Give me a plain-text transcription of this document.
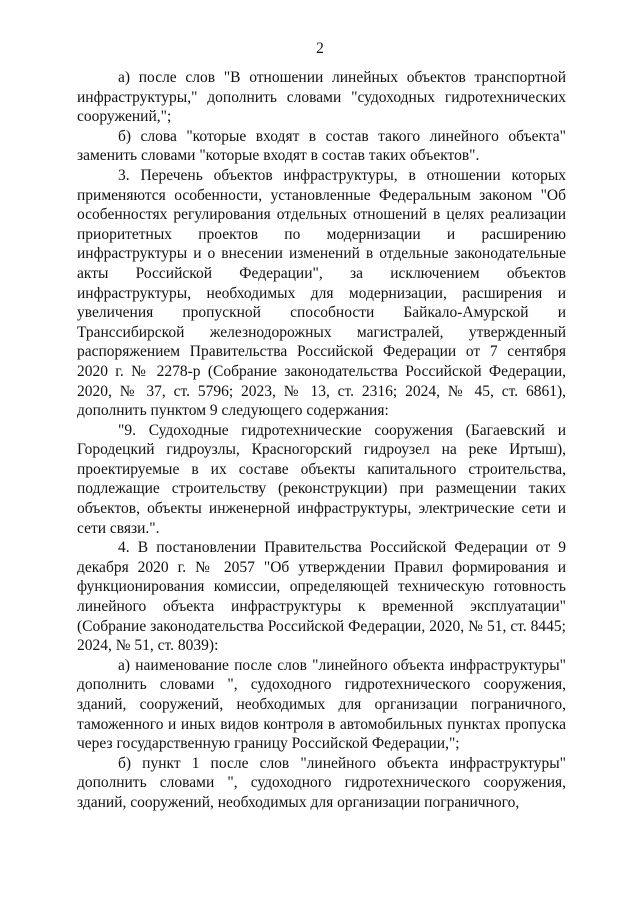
2

а) после слов "В отношении линейных объектов транспортной инфраструктуры," дополнить словами "судоходных гидротехнических сооружений,";

б) слова "которые входят в состав такого линейного объекта" заменить словами "которые входят в состав таких объектов".

3. Перечень объектов инфраструктуры, в отношении которых применяются особенности, установленные Федеральным законом "Об особенностях регулирования отдельных отношений в целях реализации приоритетных проектов по модернизации и расширению инфраструктуры и о внесении изменений в отдельные законодательные акты Российской Федерации", за исключением объектов инфраструктуры, необходимых для модернизации, расширения и увеличения пропускной способности Байкало-Амурской и Транссибирской железнодорожных магистралей, утвержденный распоряжением Правительства Российской Федерации от 7 сентября 2020 г. № 2278-р (Собрание законодательства Российской Федерации, 2020, № 37, ст. 5796; 2023, № 13, ст. 2316; 2024, № 45, ст. 6861), дополнить пунктом 9 следующего содержания:

"9. Судоходные гидротехнические сооружения (Багаевский и Городецкий гидроузлы, Красногорский гидроузел на реке Иртыш), проектируемые в их составе объекты капитального строительства, подлежащие строительству (реконструкции) при размещении таких объектов, объекты инженерной инфраструктуры, электрические сети и сети связи.".

4. В постановлении Правительства Российской Федерации от 9 декабря 2020 г. № 2057 "Об утверждении Правил формирования и функционирования комиссии, определяющей техническую готовность линейного объекта инфраструктуры к временной эксплуатации" (Собрание законодательства Российской Федерации, 2020, № 51, ст. 8445; 2024, № 51, ст. 8039):

а) наименование после слов "линейного объекта инфраструктуры" дополнить словами ", судоходного гидротехнического сооружения, зданий, сооружений, необходимых для организации пограничного, таможенного и иных видов контроля в автомобильных пунктах пропуска через государственную границу Российской Федерации,";

б) пункт 1 после слов "линейного объекта инфраструктуры" дополнить словами ", судоходного гидротехнического сооружения, зданий, сооружений, необходимых для организации пограничного,
